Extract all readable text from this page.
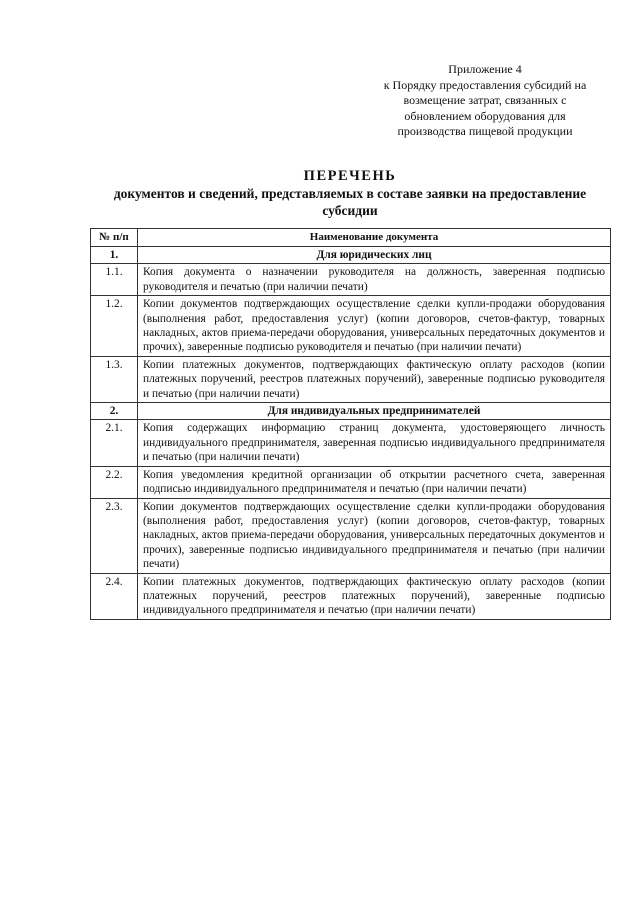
Приложение 4
к Порядку предоставления субсидий на
возмещение затрат, связанных с
обновлением оборудования для
производства пищевой продукции
ПЕРЕЧЕНЬ
документов и сведений, представляемых в составе заявки на предоставление субсидии
№ п/п	Наименование документа
1.	Для юридических лиц
1.1.	Копия документа о назначении руководителя на должность, заверенная подписью руководителя и печатью (при наличии печати)
1.2.	Копии документов подтверждающих осуществление сделки купли-продажи оборудования (выполнения работ, предоставления услуг) (копии договоров, счетов-фактур, товарных накладных, актов приема-передачи оборудования, универсальных передаточных документов и прочих), заверенные подписью руководителя и печатью (при наличии печати)
1.3.	Копии платежных документов, подтверждающих фактическую оплату расходов (копии платежных поручений, реестров платежных поручений), заверенные подписью руководителя и печатью (при наличии печати)
2.	Для индивидуальных предпринимателей
2.1.	Копия содержащих информацию страниц документа, удостоверяющего личность индивидуального предпринимателя, заверенная подписью индивидуального предпринимателя и печатью (при наличии печати)
2.2.	Копия уведомления кредитной организации об открытии расчетного счета, заверенная подписью индивидуального предпринимателя и печатью (при наличии печати)
2.3.	Копии документов подтверждающих осуществление сделки купли-продажи оборудования (выполнения работ, предоставления услуг) (копии договоров, счетов-фактур, товарных накладных, актов приема-передачи оборудования, универсальных передаточных документов и прочих), заверенные подписью индивидуального предпринимателя и печатью (при наличии печати)
2.4.	Копии платежных документов, подтверждающих фактическую оплату расходов (копии платежных поручений, реестров платежных поручений), заверенные подписью индивидуального предпринимателя и печатью (при наличии печати)
